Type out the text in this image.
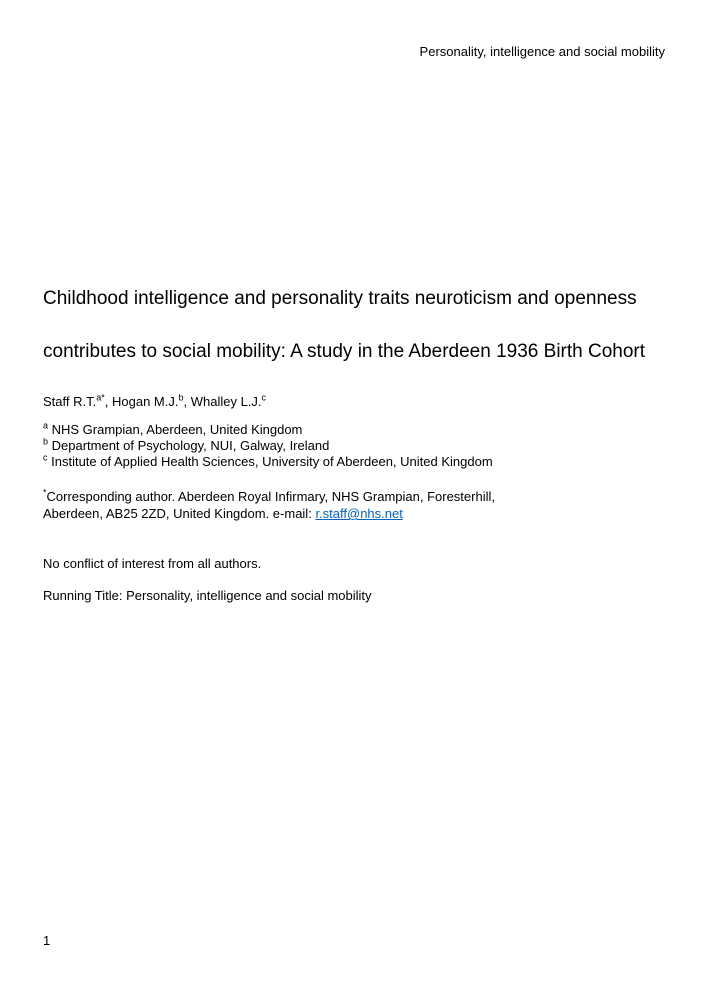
Personality, intelligence and social mobility
Childhood intelligence and personality traits neuroticism and openness
contributes to social mobility: A study in the Aberdeen 1936 Birth Cohort

Staff R.T.$^{a*}$, Hogan M.J.$^b$, Whalley L.J.$^c$

$^a$ NHS Grampian, Aberdeen, United Kingdom

$^b$ Department of Psychology, NUI, Galway, Ireland

$^c$ Institute of Applied Health Sciences, University of Aberdeen, United Kingdom

*Corresponding author. Aberdeen Royal Infirmary, NHS Grampian, Foresterhill,

Aberdeen, AB25 2ZD, United Kingdom. e-mail: r.staff@nhs.net

No conflict of interest from all authors.

Running Title: Personality, intelligence and social mobility

1
